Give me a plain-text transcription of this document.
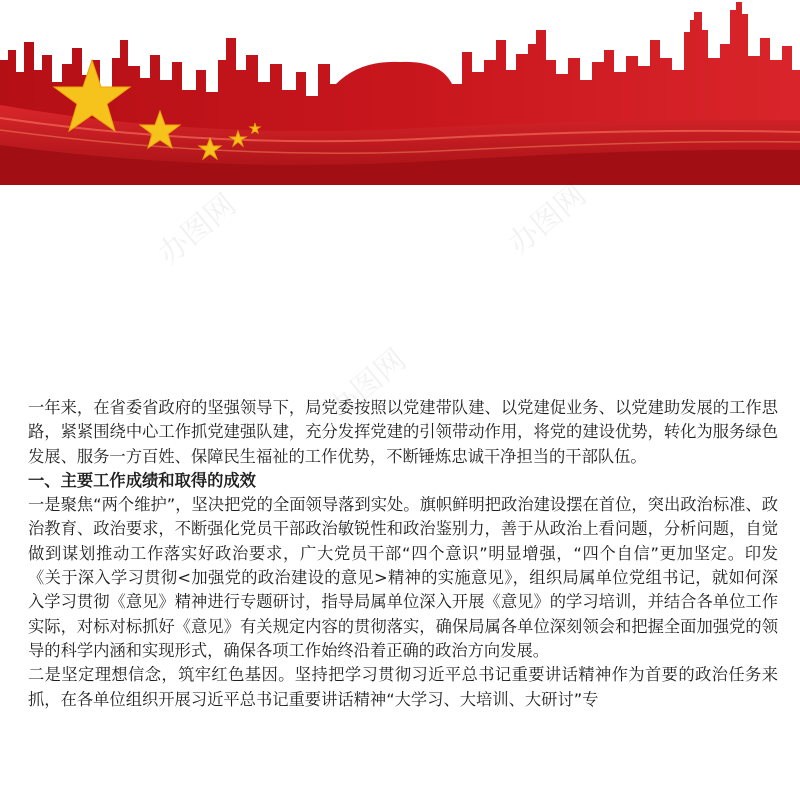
办图网	办图网
办图网

一年来，在省委省政府的坚强领导下，局党委按照以党建带队建、以党建促业务、以党建助发展的工作思路，紧紧围绕中心工作抓党建强队建，充分发挥党建的引领带动作用，将党的建设优势，转化为服务绿色发展、服务一方百姓、保障民生福祉的工作优势，不断锤炼忠诚干净担当的干部队伍。

一、主要工作成绩和取得的成效

一是聚焦“两个维护”，坚决把党的全面领导落到实处。旗帜鲜明把政治建设摆在首位，突出政治标准、政治教育、政治要求，不断强化党员干部政治敏锐性和政治鉴别力，善于从政治上看问题，分析问题，自觉做到谋划推动工作落实好政治要求，广大党员干部“四个意识”明显增强，“四个自信”更加坚定。印发《关于深入学习贯彻<加强党的政治建设的意见>精神的实施意见》，组织局属单位党组书记，就如何深入学习贯彻《意见》精神进行专题研讨，指导局属单位深入开展《意见》的学习培训，并结合各单位工作实际，对标对标抓好《意见》有关规定内容的贯彻落实，确保局属各单位深刻领会和把握全面加强党的领导的科学内涵和实现形式，确保各项工作始终沿着正确的政治方向发展。

二是坚定理想信念，筑牢红色基因。坚持把学习贯彻习近平总书记重要讲话精神作为首要的政治任务来抓，在各单位组织开展习近平总书记重要讲话精神“大学习、大培训、大研讨”专
